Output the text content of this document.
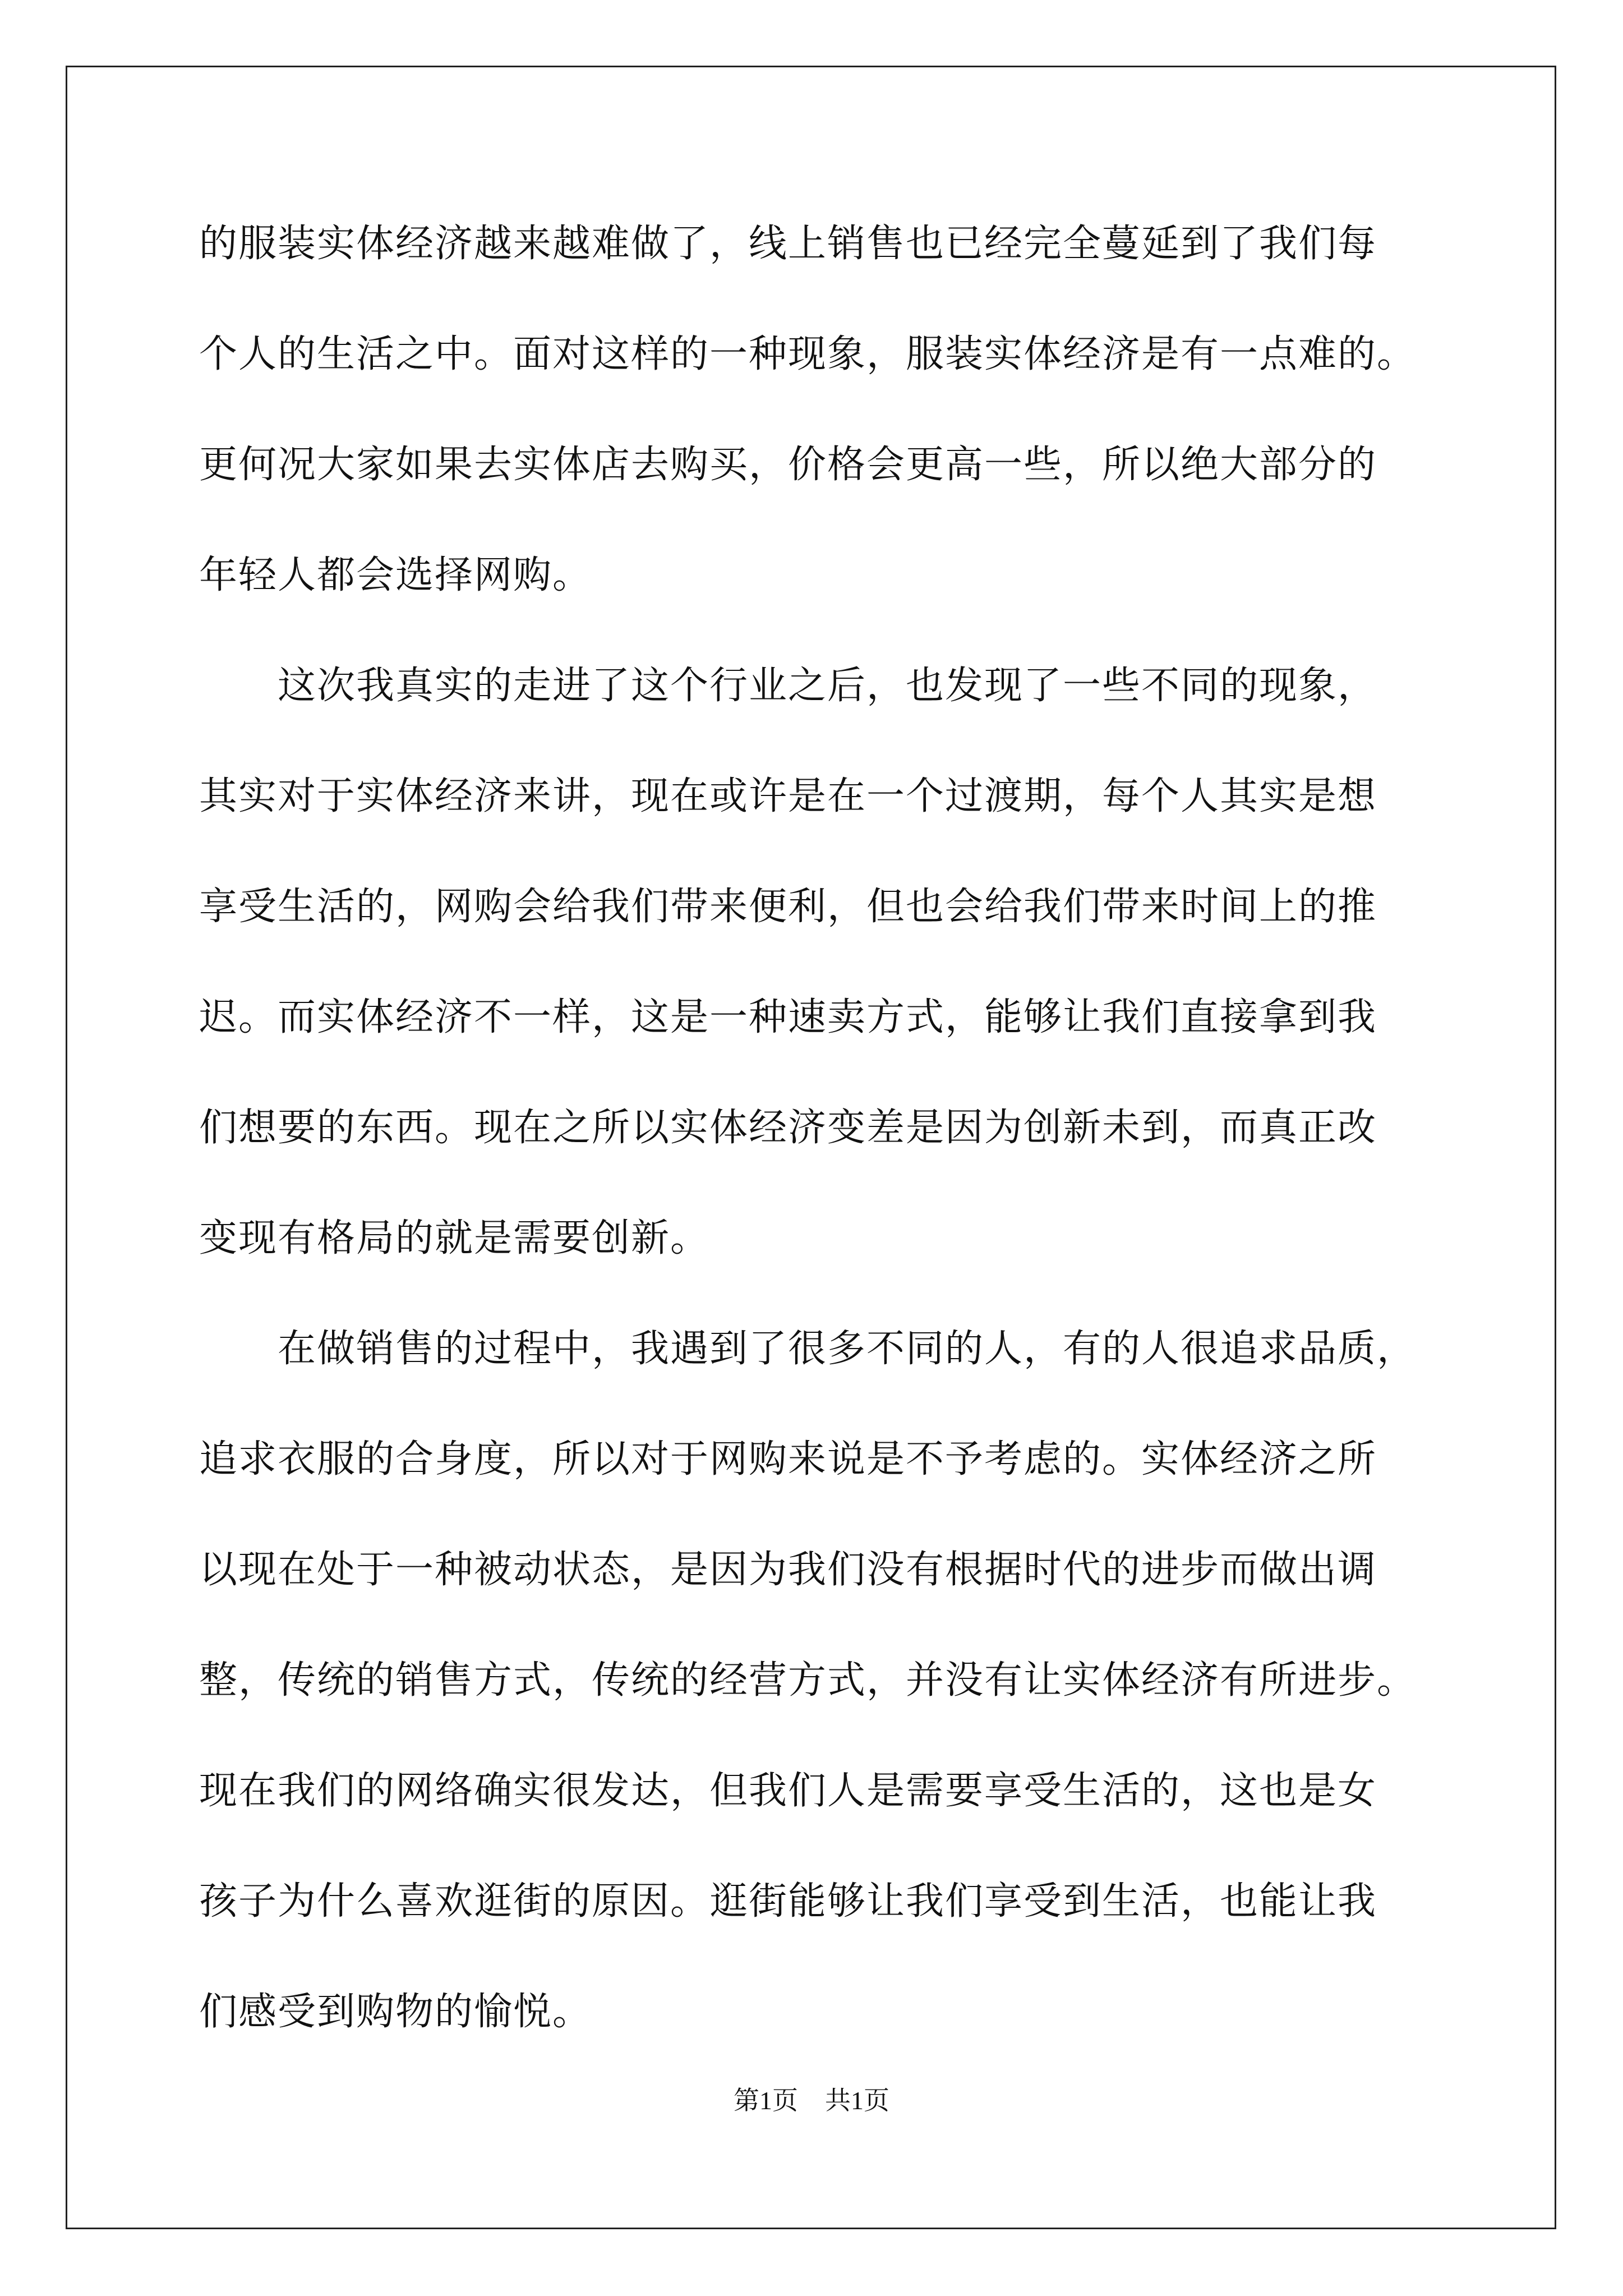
的服装实体经济越来越难做了，线上销售也已经完全蔓延到了我们每
个人的生活之中。面对这样的一种现象，服装实体经济是有一点难的。
更何况大家如果去实体店去购买，价格会更高一些，所以绝大部分的
年轻人都会选择网购。
　　这次我真实的走进了这个行业之后，也发现了一些不同的现象，
其实对于实体经济来讲，现在或许是在一个过渡期，每个人其实是想
享受生活的，网购会给我们带来便利，但也会给我们带来时间上的推
迟。而实体经济不一样，这是一种速卖方式，能够让我们直接拿到我
们想要的东西。现在之所以实体经济变差是因为创新未到，而真正改
变现有格局的就是需要创新。
　　在做销售的过程中，我遇到了很多不同的人，有的人很追求品质，
追求衣服的合身度，所以对于网购来说是不予考虑的。实体经济之所
以现在处于一种被动状态，是因为我们没有根据时代的进步而做出调
整，传统的销售方式，传统的经营方式，并没有让实体经济有所进步。
现在我们的网络确实很发达，但我们人是需要享受生活的，这也是女
孩子为什么喜欢逛街的原因。逛街能够让我们享受到生活，也能让我
们感受到购物的愉悦。
第1页 共1页
